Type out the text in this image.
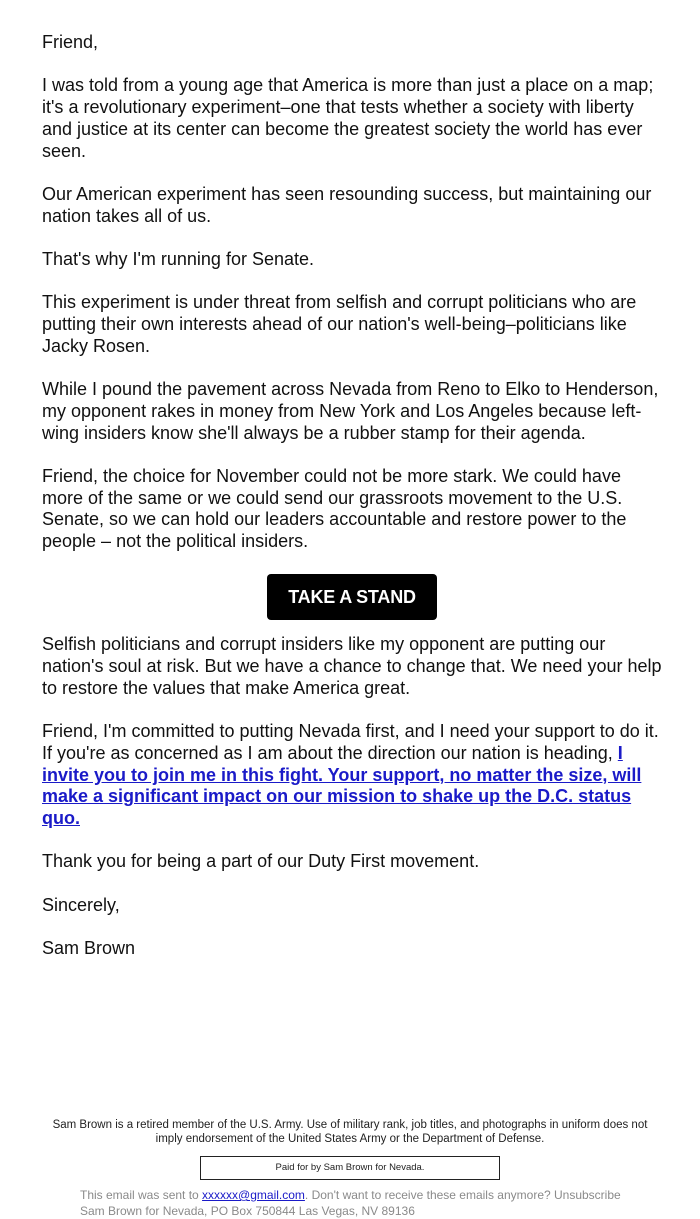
Friend,

I was told from a young age that America is more than just a place on a map; it's a revolutionary experiment–one that tests whether a society with liberty and justice at its center can become the greatest society the world has ever seen.

Our American experiment has seen resounding success, but maintaining our nation takes all of us.

That's why I'm running for Senate.

This experiment is under threat from selfish and corrupt politicians who are putting their own interests ahead of our nation's well-being–politicians like Jacky Rosen.

While I pound the pavement across Nevada from Reno to Elko to Henderson, my opponent rakes in money from New York and Los Angeles because left-wing insiders know she'll always be a rubber stamp for their agenda.

Friend, the choice for November could not be more stark. We could have more of the same or we could send our grassroots movement to the U.S. Senate, so we can hold our leaders accountable and restore power to the people – not the political insiders.

TAKE A STAND

Selfish politicians and corrupt insiders like my opponent are putting our nation's soul at risk. But we have a chance to change that. We need your help to restore the values that make America great.

Friend, I'm committed to putting Nevada first, and I need your support to do it. If you're as concerned as I am about the direction our nation is heading, I invite you to join me in this fight. Your support, no matter the size, will make a significant impact on our mission to shake up the D.C. status quo.

Thank you for being a part of our Duty First movement.

Sincerely,

Sam Brown

Sam Brown is a retired member of the U.S. Army. Use of military rank, job titles, and photographs in uniform does not imply endorsement of the United States Army or the Department of Defense.
Paid for by Sam Brown for Nevada.
This email was sent to xxxxxx@gmail.com. Don't want to receive these emails anymore? Unsubscribe
Sam Brown for Nevada, PO Box 750844 Las Vegas, NV 89136
